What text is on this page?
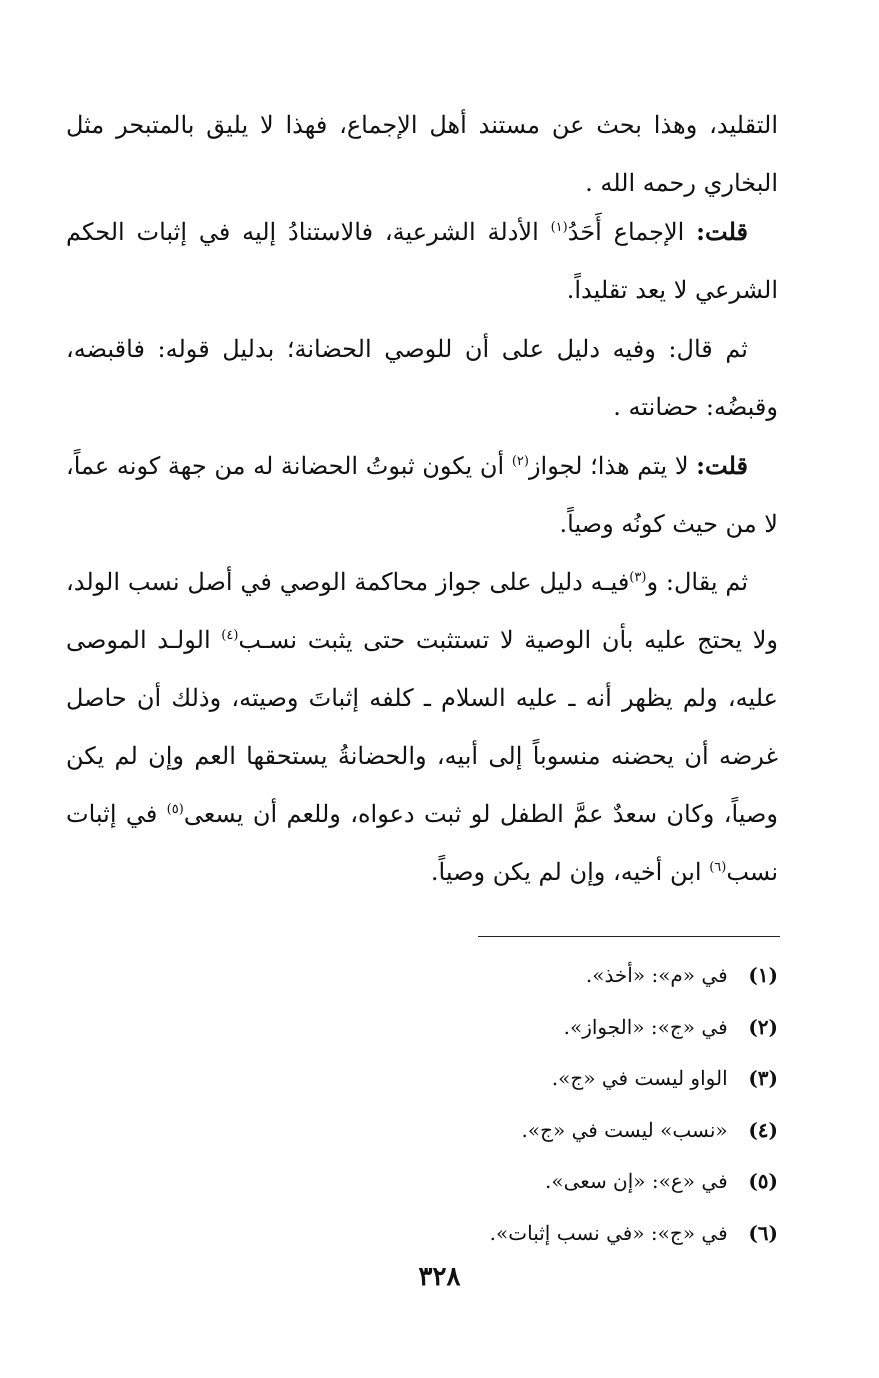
التقليد، وهذا بحث عن مستند أهل الإجماع، فهذا لا يليق بالمتبحر مثل البخاري رحمه الله .

قلت: الإجماع أَحَدُ$^{(١)}$ الأدلة الشرعية، فالاستنادُ إليه في إثبات الحكم الشرعي لا يعد تقليداً.

ثم قال: وفيه دليل على أن للوصي الحضانة؛ بدليل قوله: فاقبضه، وقبضُه: حضانته .

قلت: لا يتم هذا؛ لجواز$^{(٢)}$ أن يكون ثبوتُ الحضانة له من جهة كونه عماً، لا من حيث كونُه وصياً.

ثم يقال: و$^{(٣)}$فيـه دليل على جواز محاكمة الوصي في أصل نسب الولد، ولا يحتج عليه بأن الوصية لا تستثبت حتى يثبت نسـب$^{(٤)}$ الولـد الموصى عليه، ولم يظهر أنه ـ عليه السلام ـ كلفه إثباتَ وصيته، وذلك أن حاصل غرضه أن يحضنه منسوباً إلى أبيه، والحضانةُ يستحقها العم وإن لم يكن وصياً، وكان سعدٌ عمَّ الطفل لو ثبت دعواه، وللعم أن يسعى$^{(٥)}$ في إثبات نسب$^{(٦)}$ ابن أخيه، وإن لم يكن وصياً.

(١) في «م»: «أخذ».
(٢) في «ج»: «الجواز».
(٣) الواو ليست في «ج».
(٤) «نسب» ليست في «ج».
(٥) في «ع»: «إن سعى».
(٦) في «ج»: «في نسب إثبات».
٣٢٨
